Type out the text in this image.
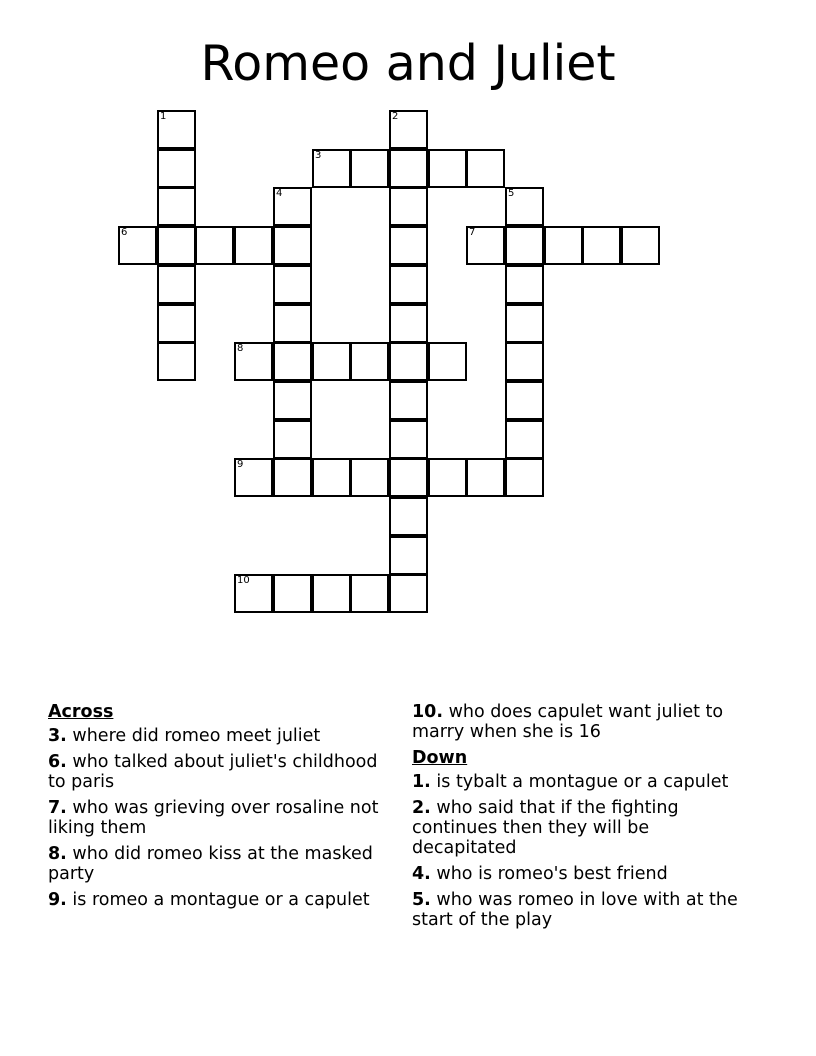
Romeo and Juliet
1	2
3
4	5
6	7
8
9
10
Across
3. where did romeo meet juliet
6. who talked about juliet's childhood to paris
7. who was grieving over rosaline not liking them
8. who did romeo kiss at the masked party
9. is romeo a montague or a capulet
10. who does capulet want juliet to marry when she is 16
Down
1. is tybalt a montague or a capulet
2. who said that if the fighting continues then they will be decapitated
4. who is romeo's best friend
5. who was romeo in love with at the start of the play
